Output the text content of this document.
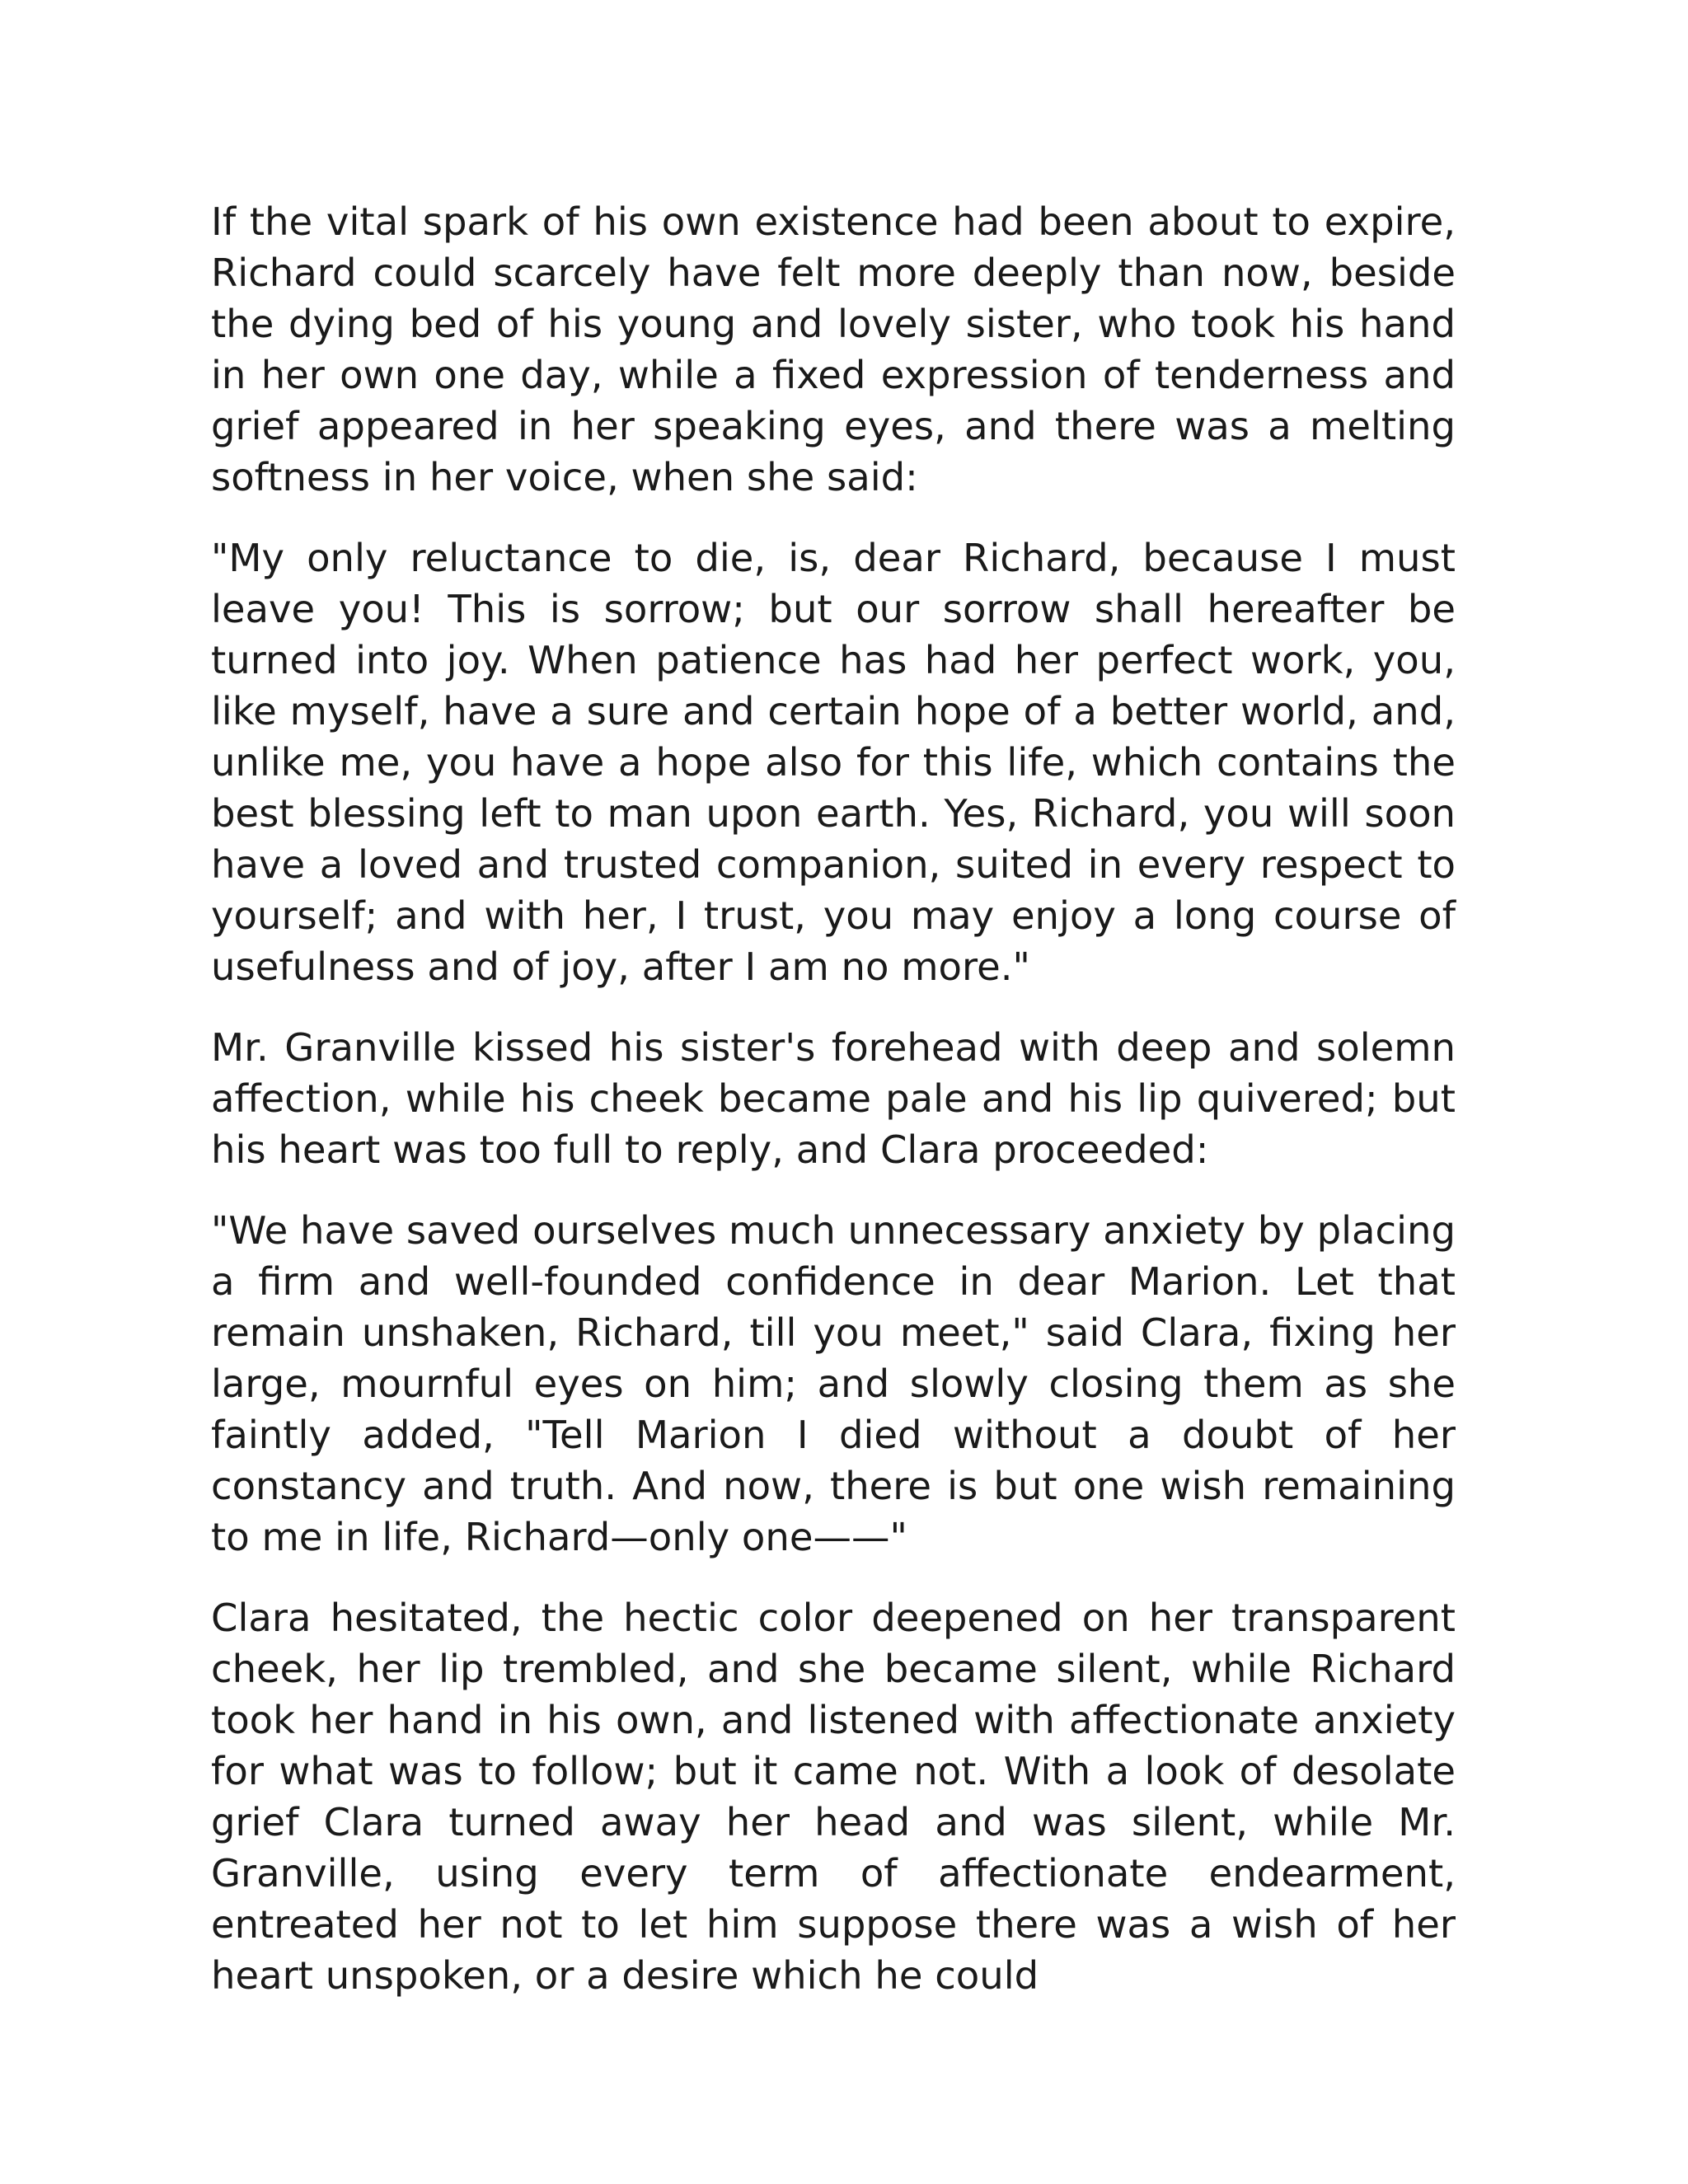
If the vital spark of his own existence had been about to expire, Richard could scarcely have felt more deeply than now, beside the dying bed of his young and lovely sister, who took his hand in her own one day, while a fixed expression of tenderness and grief appeared in her speaking eyes, and there was a melting softness in her voice, when she said:

"My only reluctance to die, is, dear Richard, because I must leave you! This is sorrow; but our sorrow shall hereafter be turned into joy. When patience has had her perfect work, you, like myself, have a sure and certain hope of a better world, and, unlike me, you have a hope also for this life, which contains the best blessing left to man upon earth. Yes, Richard, you will soon have a loved and trusted companion, suited in every respect to yourself; and with her, I trust, you may enjoy a long course of usefulness and of joy, after I am no more."

Mr. Granville kissed his sister's forehead with deep and solemn affection, while his cheek became pale and his lip quivered; but his heart was too full to reply, and Clara proceeded:

"We have saved ourselves much unnecessary anxiety by placing a firm and well-founded confidence in dear Marion. Let that remain unshaken, Richard, till you meet," said Clara, fixing her large, mournful eyes on him; and slowly closing them as she faintly added, "Tell Marion I died without a doubt of her constancy and truth. And now, there is but one wish remaining to me in life, Richard—only one——"

Clara hesitated, the hectic color deepened on her transparent cheek, her lip trembled, and she became silent, while Richard took her hand in his own, and listened with affectionate anxiety for what was to follow; but it came not. With a look of desolate grief Clara turned away her head and was silent, while Mr. Granville, using every term of affectionate endearment, entreated her not to let him suppose there was a wish of her heart unspoken, or a desire which he could
